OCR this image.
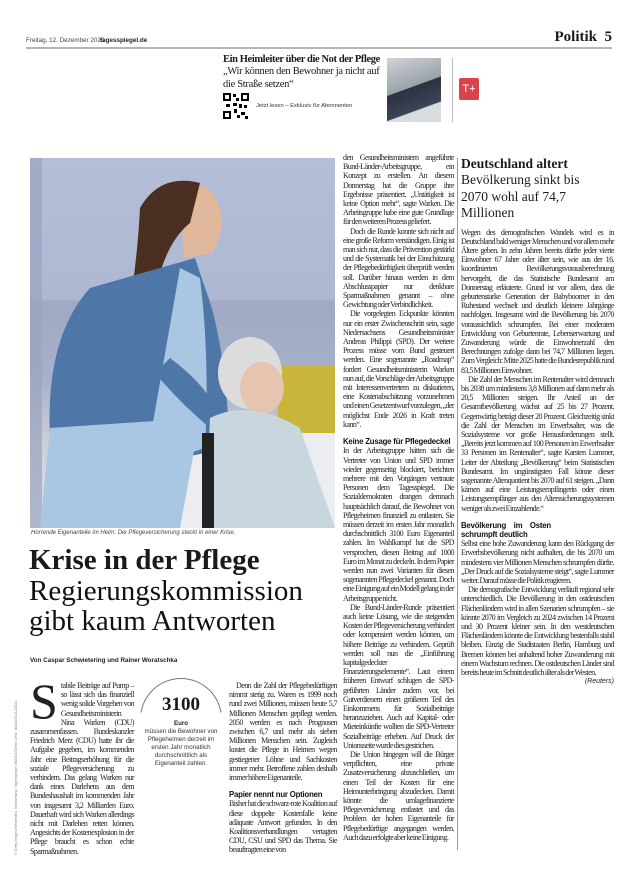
Freitag, 12. Dezember 2025
tagesspiegel.de	Politik 5
Ein Heimleiter über die Not der Pflege
„Wir können den Bewohner ja nicht auf die Straße setzen“
Jetzt lesen – Exklusiv für Abonnenten
T+
Horrende Eigenanteile im Heim: Die Pflegeversicherung steckt in einer Krise.
© Getty Images/Westend61, Bearbeitung: Tagesspiegel; IMAGO/Stefan Zeitz; IMAGO/CALZADA
Krise in der Pflege
Regierungskommission
gibt kaum Antworten
Von Caspar Schwietering und Rainer Woratschka
S tabile Beiträge auf Pump – so lässt sich das finanziell wenig solide Vorgehen von Gesundheitsministerin Nina Warken (CDU) zusammenfassen. Bundeskanzler Friedrich Merz (CDU) hatte ihr die Aufgabe gegeben, im kommenden Jahr eine Beitragserhöhung für die soziale Pflegeversicherung zu verhindern. Das gelang Warken nur dank eines Darlehens aus dem Bundeshaushalt im kommenden Jahr von insgesamt 3,2 Milliarden Euro. Dauerhaft wird sich Warken allerdings nicht mit Darlehen retten können. Angesichts der Kostenexplosion in der Pflege braucht es schon echte Sparmaßnahmen.

3100
Euro
müssen die Bewohner von Pflegeheimen derzeit im ersten Jahr monatlich durchschnittlich als Eigenanteil zahlen.

Denn die Zahl der Pflegebedürftigen nimmt stetig zu. Waren es 1999 noch rund zwei Millionen, müssen heute 5,7 Millionen Menschen gepflegt werden. 2050 werden es nach Prognosen zwischen 6,7 und mehr als sieben Millionen Menschen sein. Zugleich kostet die Pflege in Heimen wegen gestiegener Löhne und Sachkosten immer mehr. Betroffene zahlen deshalb immer höhere Eigenanteile.

Papier nennt nur Optionen

Bisher hat die schwarz-rote Koalition auf diese doppelte Kostenfalle keine adäquate Antwort gefunden. In den Koalitionsverhandlungen vertagten CDU, CSU und SPD das Thema. Sie beauftragten eine von

den Gesundheitsministern angeführte Bund-Länder-Arbeitsgruppe, ein Konzept zu erstellen. An diesem Donnerstag hat die Gruppe ihre Ergebnisse präsentiert. „Untätigkeit ist keine Option mehr“, sagte Warken. Die Arbeitsgruppe habe eine gute Grundlage für den weiteren Prozess geliefert.

Doch die Runde konnte sich nicht auf eine große Reform verständigen. Einig ist man sich nur, dass die Prävention gestärkt und die Systematik bei der Einschätzung der Pflegebedürftigkeit überprüft werden soll. Darüber hinaus werden in dem Abschlusspapier nur denkbare Sparmaßnahmen genannt – ohne Gewichtung oder Verbindlichkeit.

Die vorgelegten Eckpunkte könnten nur ein erster Zwischenschritt sein, sagte Niedersachsens Gesundheitsminister Andreas Philippi (SPD). Der weitere Prozess müsse vom Bund gesteuert werden. Eine sogenannte „Roadmap“ fordert Gesundheitsministerin Warken nun auf, die Vorschläge der Arbeitsgruppe mit Interessenvertretern zu diskutieren, eine Kostenabschätzung vorzunehmen und einen Gesetzentwurf vorzulegen, „der möglichst Ende 2026 in Kraft treten kann“.

Keine Zusage für Pflegedeckel

In der Arbeitsgruppe hätten sich die Vertreter von Union und SPD immer wieder gegenseitig blockiert, berichten mehrere mit den Vorgängen vertraute Personen dem Tagesspiegel. Die Sozialdemokraten drangen demnach hauptsächlich darauf, die Bewohner von Pflegeheimen finanziell zu entlasten. Sie müssen derzeit im ersten Jahr monatlich durchschnittlich 3100 Euro Eigenanteil zahlen. Im Wahlkampf hat die SPD versprochen, diesen Beitrag auf 1000 Euro im Monat zu deckeln. In dem Papier werden nun zwei Varianten für diesen sogenannten Pflegedeckel genannt. Doch eine Einigung auf ein Modell gelang in der Arbeitsgruppe nicht.

Die Bund-Länder-Runde präsentiert auch keine Lösung, wie die steigenden Kosten der Pflegeversicherung verhindert oder kompensiert werden können, um höhere Beiträge zu verhindern. Geprüft werden soll nun die „Einführung kapitalgedeckter Finanzierungselemente“. Laut einem früheren Entwurf schlugen die SPD-geführten Länder zudem vor, bei Gutverdienern einen größeren Teil des Einkommens für Sozialbeiträge heranzuziehen. Auch auf Kapital- oder Mieteinkünfte wollten die SPD-Vertreter Sozialbeiträge erheben. Auf Druck der Unionsseite wurde dies gestrichen.

Die Union hingegen will die Bürger verpflichten, eine private Zusatzversicherung abzuschließen, um einen Teil der Kosten für eine Heimunterbringung abzudecken. Damit könnte die umlagefinanzierte Pflegeversicherung entlastet und das Problem der hohen Eigenanteile für Pflegebedürftige angegangen werden. Auch dazu erfolgte aber keine Einigung.

Deutschland altert
Bevölkerung sinkt bis 2070 wohl auf 74,7 Millionen

Wegen des demografischen Wandels wird es in Deutschland bald weniger Menschen und vor allem mehr Ältere geben. In zehn Jahren bereits dürfte jeder vierte Einwohner 67 Jahre oder älter sein, wie aus der 16. koordinierten Bevölkerungsvorausberechnung hervorgeht, die das Statistische Bundesamt am Donnerstag erläuterte. Grund ist vor allem, dass die geburtenstarke Generation der Babyboomer in den Ruhestand wechselt und deutlich kleinere Jahrgänge nachfolgen. Insgesamt wird die Bevölkerung bis 2070 voraussichtlich schrumpfen. Bei einer moderaten Entwicklung von Geburtenrate, Lebenserwartung und Zuwanderung würde die Einwohnerzahl den Berechnungen zufolge dann bei 74,7 Millionen liegen. Zum Vergleich: Mitte 2025 hatte die Bundesrepublik rund 83,5 Millionen Einwohner.

Die Zahl der Menschen im Rentenalter wird demnach bis 2038 um mindestens 3,8 Millionen auf dann mehr als 20,5 Millionen steigen. Ihr Anteil an der Gesamtbevölkerung wächst auf 25 bis 27 Prozent. Gegenwärtig beträgt dieser 20 Prozent. Gleichzeitig sinkt die Zahl der Menschen im Erwerbsalter, was die Sozialsysteme vor große Herausforderungen stellt. „Bereits jetzt kommen auf 100 Personen im Erwerbsalter 33 Personen im Rentenalter“, sagte Karsten Lummer, Leiter der Abteilung „Bevölkerung“ beim Statistischen Bundesamt. Im ungünstigsten Fall könne dieser sogenannte Altenquotient bis 2070 auf 61 steigen. „Dann kämen auf eine Leistungsempfängerin oder einen Leistungsempfänger aus den Alterssicherungssystemen weniger als zwei Einzahlende.“

Bevölkerung im Osten schrumpft deutlich

Selbst eine hohe Zuwanderung kann den Rückgang der Erwerbsbevölkerung nicht aufhalten, die bis 2070 um mindestens vier Millionen Menschen schrumpfen dürfte. „Der Druck auf die Sozialsysteme steigt“, sagte Lummer weiter. Darauf müsse die Politik reagieren.

Die demografische Entwicklung verläuft regional sehr unterschiedlich. Die Bevölkerung in den ostdeutschen Flächenländern wird in allen Szenarien schrumpfen – sie könnte 2070 im Vergleich zu 2024 zwischen 14 Prozent und 30 Prozent kleiner sein. In den westdeutschen Flächenländern könnte die Entwicklung bestenfalls stabil bleiben. Einzig die Stadtstaaten Berlin, Hamburg und Bremen können bei anhaltend hoher Zuwanderung mit einem Wachstum rechnen. Die ostdeutschen Länder sind bereits heute im Schnitt deutlich älter als der Westen.
(Reuters)
